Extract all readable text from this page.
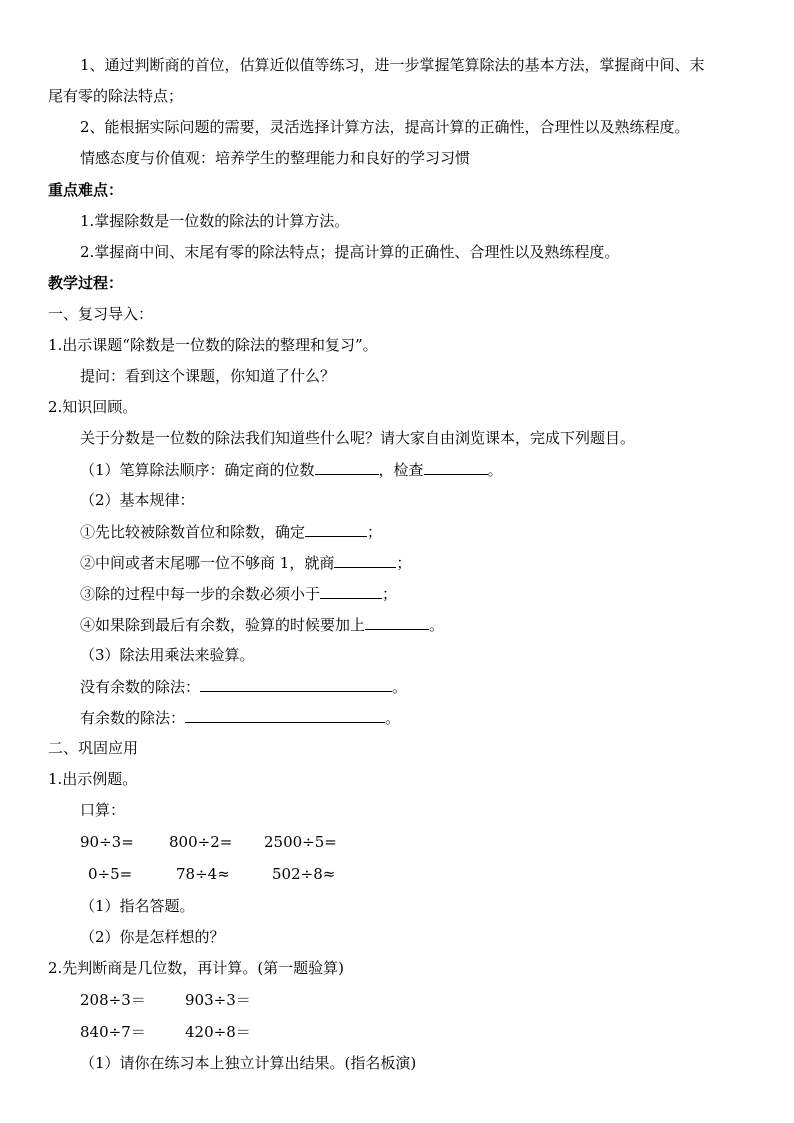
1、通过判断商的首位，估算近似值等练习，进一步掌握笔算除法的基本方法，掌握商中间、末
尾有零的除法特点；
2、能根据实际问题的需要，灵活选择计算方法，提高计算的正确性，合理性以及熟练程度。
情感态度与价值观：培养学生的整理能力和良好的学习习惯
重点难点：
1.掌握除数是一位数的除法的计算方法。
2.掌握商中间、末尾有零的除法特点；提高计算的正确性、合理性以及熟练程度。
教学过程：
一、复习导入：
1.出示课题“除数是一位数的除法的整理和复习”。
提问：看到这个课题，你知道了什么？
2.知识回顾。
关于分数是一位数的除法我们知道些什么呢？请大家自由浏览课本，完成下列题目。
（1）笔算除法顺序：确定商的位数	，检查	。
（2）基本规律：
①先比较被除数首位和除数，确定	；
②中间或者末尾哪一位不够商 1，就商	；
③除的过程中每一步的余数必须小于	；
④如果除到最后有余数，验算的时候要加上	。
（3）除法用乘法来验算。
没有余数的除法：	。
有余数的除法：	。
二、巩固应用
1.出示例题。
口算：
90÷3= 800÷2= 2500÷5=
0÷5=	78÷4≈	502÷8≈
（1）指名答题。
（2）你是怎样想的？
2.先判断商是几位数，再计算。(第一题验算)
208÷3＝	903÷3＝
840÷7＝	420÷8＝
（1）请你在练习本上独立计算出结果。(指名板演)
